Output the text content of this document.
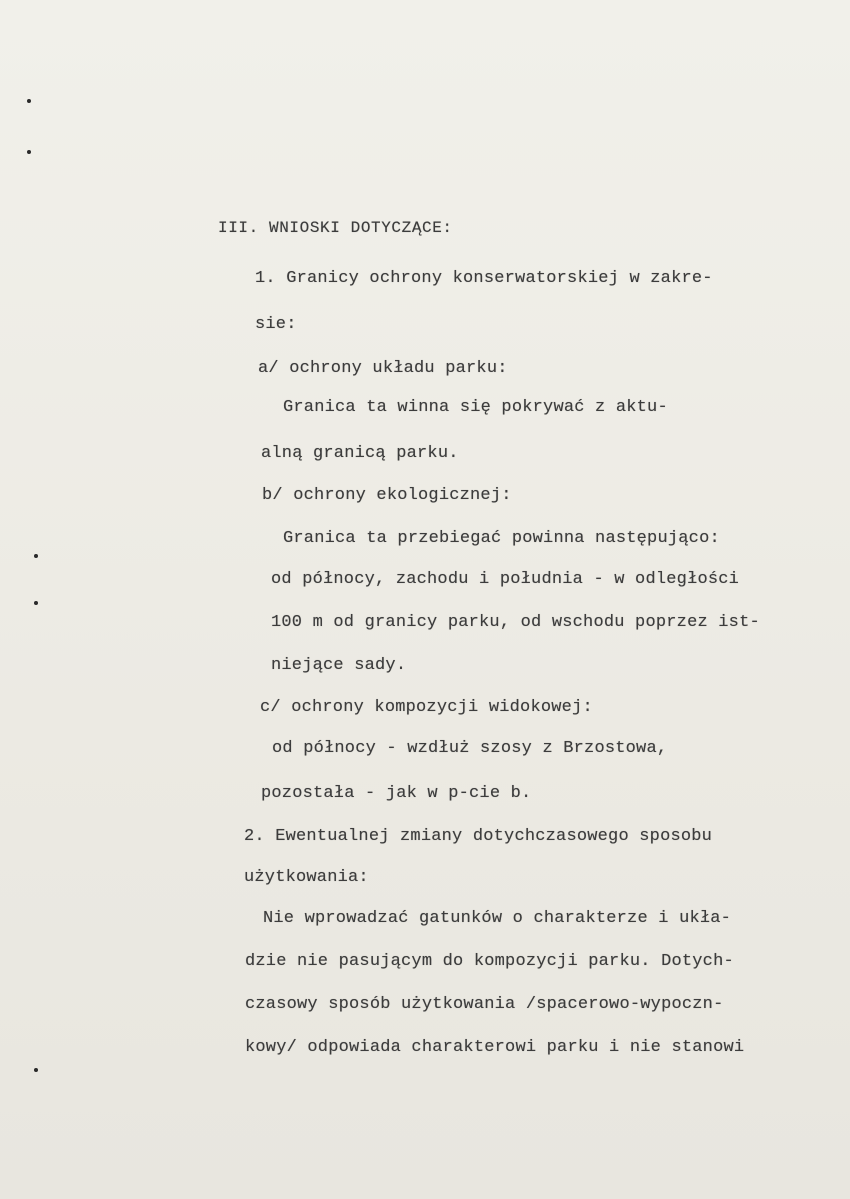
III. WNIOSKI DOTYCZĄCE:
1. Granicy ochrony konserwatorskiej w zakre-
sie:
a/ ochrony układu parku:
Granica ta winna się pokrywać z aktu-
alną granicą parku.
b/ ochrony ekologicznej:
Granica ta przebiegać powinna następująco:
od północy, zachodu i południa - w odległości
100 m od granicy parku, od wschodu poprzez ist-
niejące sady.
c/ ochrony kompozycji widokowej:
od północy - wzdłuż szosy z Brzostowa,
pozostała - jak w p-cie b.
2. Ewentualnej zmiany dotychczasowego sposobu
użytkowania:
Nie wprowadzać gatunków o charakterze i ukła-
dzie nie pasującym do kompozycji parku. Dotych-
czasowy sposób użytkowania /spacerowo-wypoczn-
kowy/ odpowiada charakterowi parku i nie stanowi
